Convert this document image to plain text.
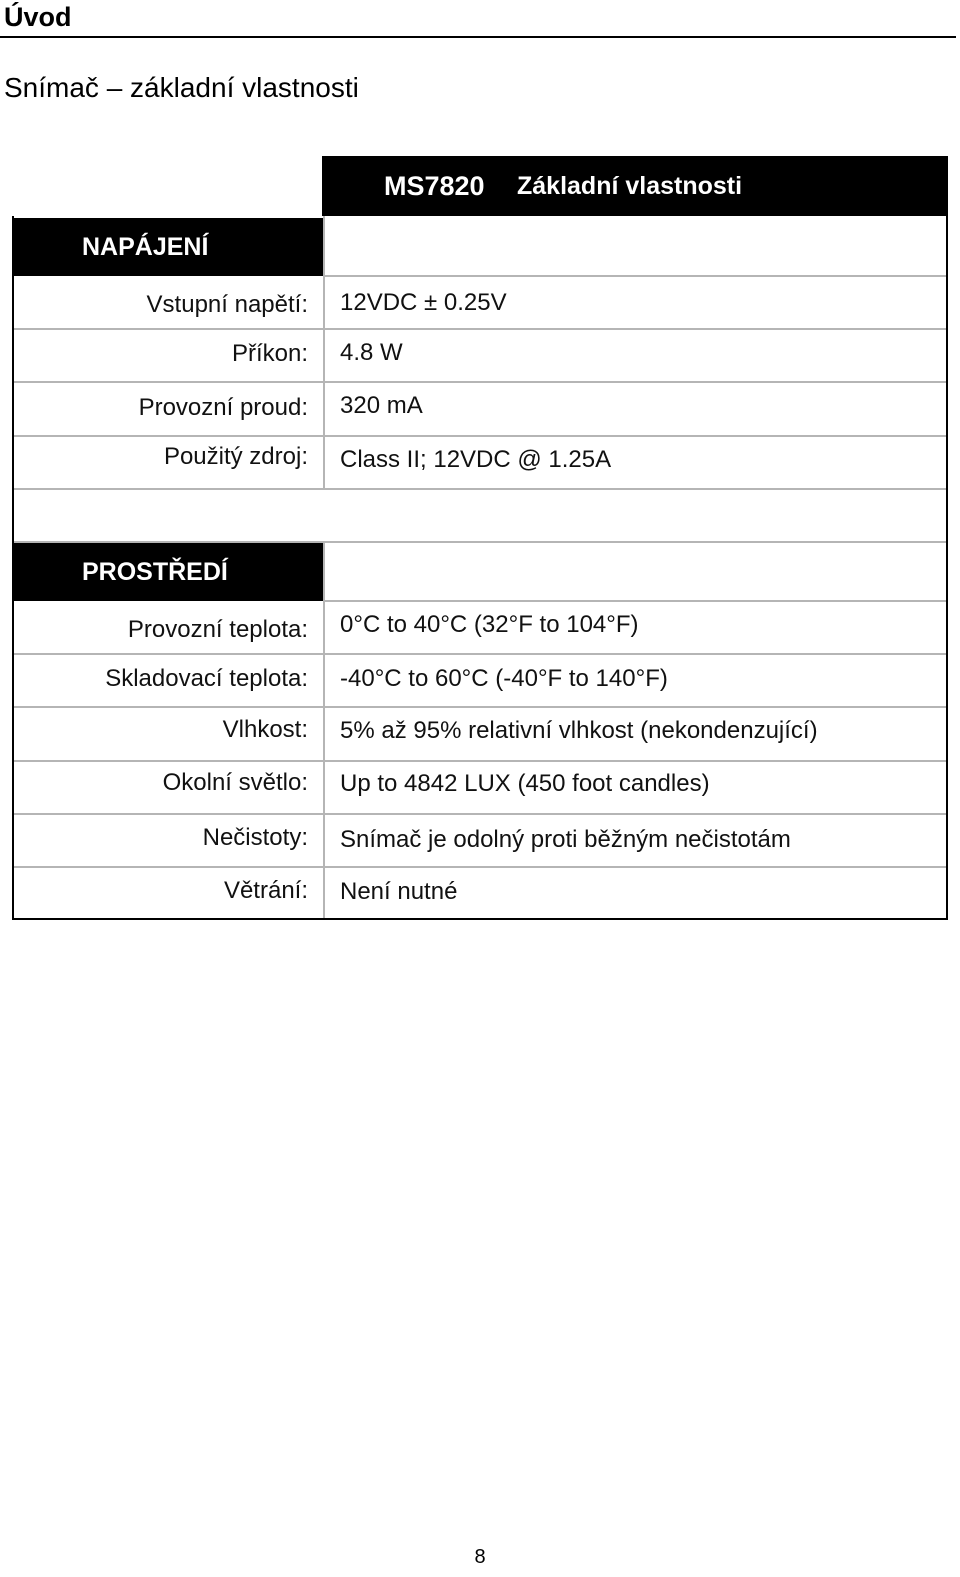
Úvod
Snímač – základní vlastnosti
MS7820 Základní vlastnosti
NAPÁJENÍ
Vstupní napětí: 12VDC ± 0.25V
Příkon: 4.8 W
Provozní proud: 320 mA
Použitý zdroj: Class II; 12VDC @ 1.25A
PROSTŘEDÍ
Provozní teplota: 0°C to 40°C (32°F to 104°F)
Skladovací teplota: -40°C to 60°C (-40°F to 140°F)
Vlhkost: 5% až 95% relativní vlhkost (nekondenzující)
Okolní světlo: Up to 4842 LUX (450 foot candles)
Nečistoty: Snímač je odolný proti běžným nečistotám
Větrání: Není nutné
8
